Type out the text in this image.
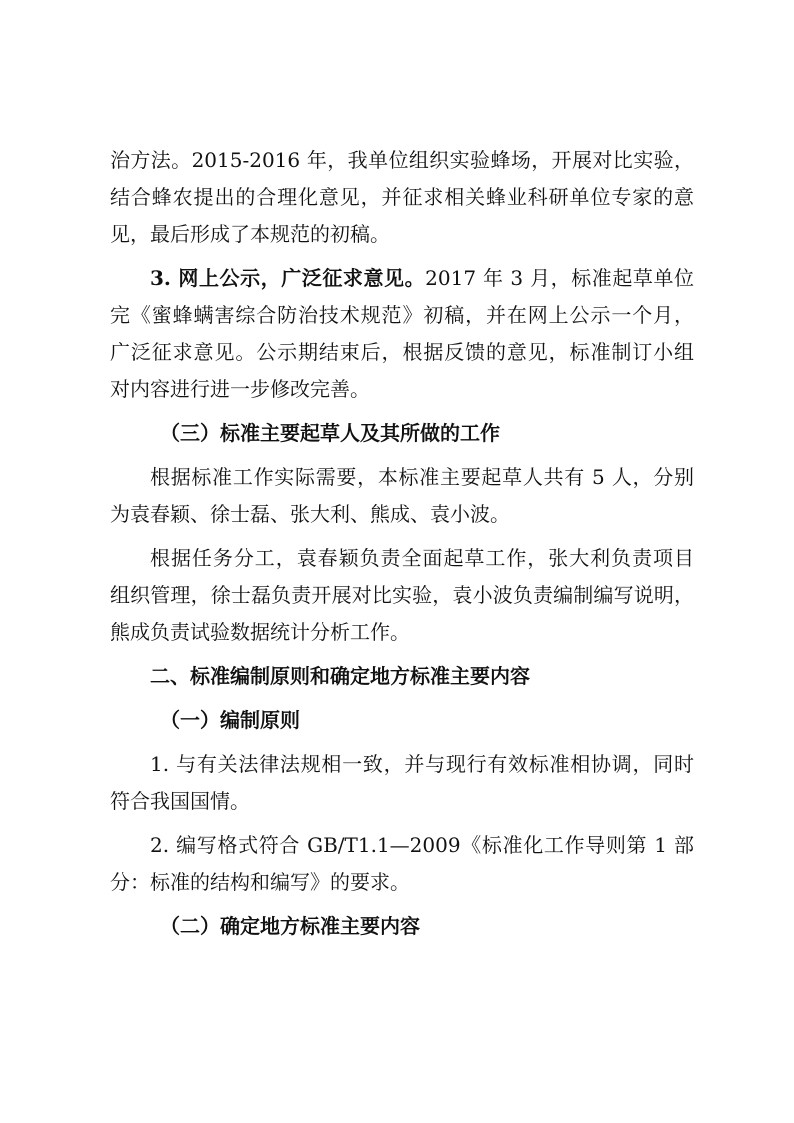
治方法。2015-2016 年，我单位组织实验蜂场，开展对比实验，
结合蜂农提出的合理化意见，并征求相关蜂业科研单位专家的意
见，最后形成了本规范的初稿。
3. 网上公示，广泛征求意见。2017 年 3 月，标准起草单位
完《蜜蜂螨害综合防治技术规范》初稿，并在网上公示一个月，
广泛征求意见。公示期结束后，根据反馈的意见，标准制订小组
对内容进行进一步修改完善。
（三）标准主要起草人及其所做的工作
根据标准工作实际需要，本标准主要起草人共有 5 人，分别
为袁春颖、徐士磊、张大利、熊成、袁小波。
根据任务分工，袁春颖负责全面起草工作，张大利负责项目
组织管理，徐士磊负责开展对比实验，袁小波负责编制编写说明，
熊成负责试验数据统计分析工作。
二、标准编制原则和确定地方标准主要内容
（一）编制原则
1. 与有关法律法规相一致，并与现行有效标准相协调，同时
符合我国国情。
2. 编写格式符合 GB/T1.1—2009《标准化工作导则第 1 部
分：标准的结构和编写》的要求。
（二）确定地方标准主要内容
